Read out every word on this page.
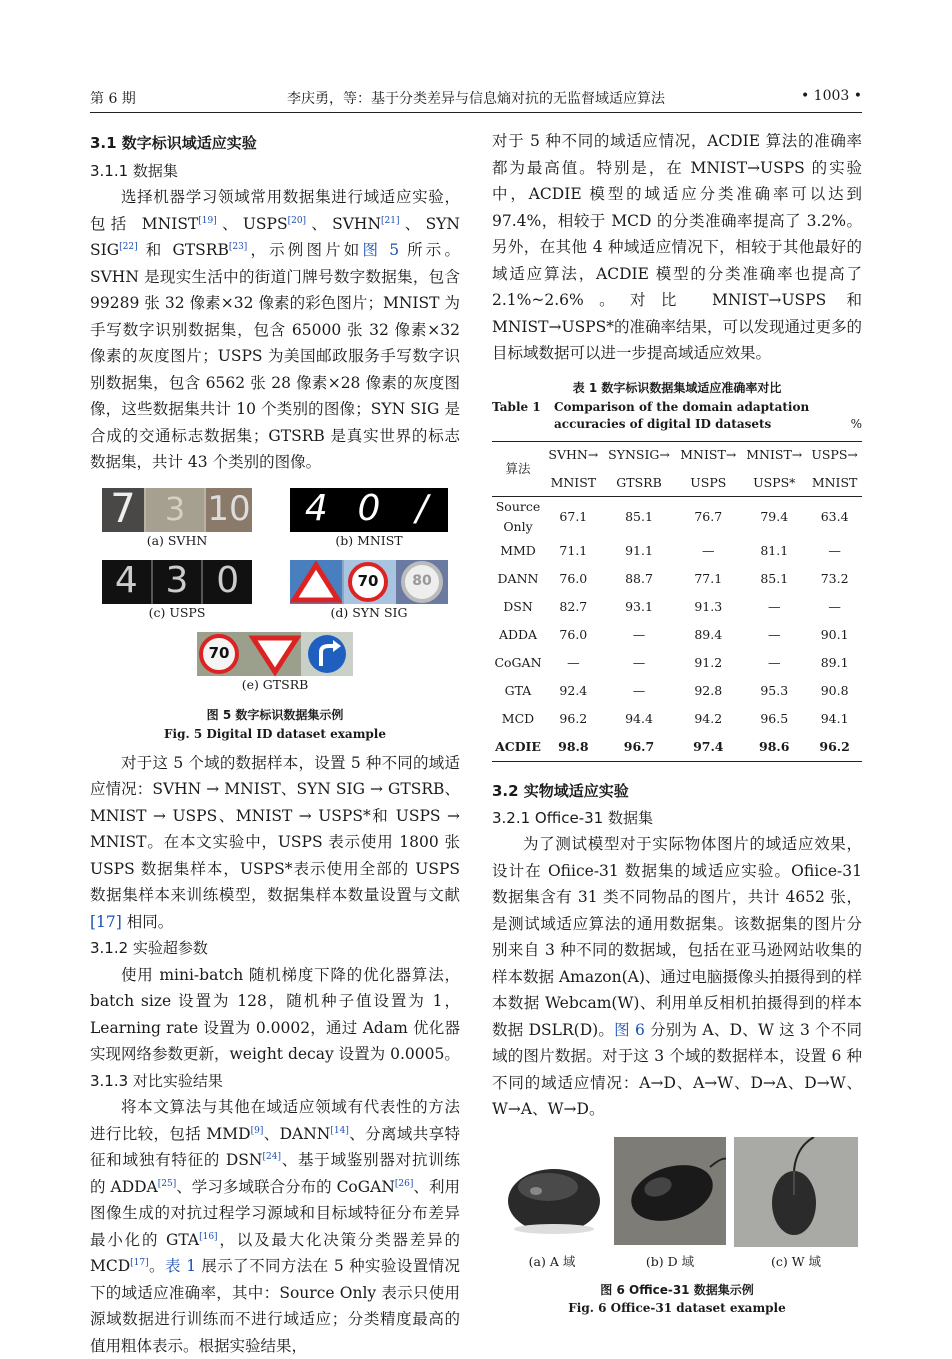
第 6 期	李庆勇，等：基于分类差异与信息熵对抗的无监督域适应算法	• 1003 •
3.1 数字标识域适应实验
3.1.1 数据集

选择机器学习领域常用数据集进行域适应实验，包括 MNIST[19]、USPS[20]、SVHN[21]、SYN SIG[22] 和 GTSRB[23]，示例图片如图 5 所示。SVHN 是现实生活中的街道门牌号数字数据集，包含 99289 张 32 像素×32 像素的彩色图片；MNIST 为手写数字识别数据集，包含 65000 张 32 像素×32 像素的灰度图片；USPS 为美国邮政服务手写数字识别数据集，包含 6562 张 28 像素×28 像素的灰度图像，这些数据集共计 10 个类别的图像；SYN SIG 是合成的交通标志数据集；GTSRB 是真实世界的标志数据集，共计 43 个类别的图像。

7 3 10
(a) SVHN
4 0 /
(b) MNIST
4 3 0
(c) USPS
70	80
(d) SYN SIG
70
(e) GTSRB
图 5 数字标识数据集示例
Fig. 5 Digital ID dataset example

对于这 5 个域的数据样本，设置 5 种不同的域适应情况：SVHN → MNIST、SYN SIG → GTSRB、MNIST → USPS、MNIST → USPS*和 USPS → MNIST。在本文实验中，USPS 表示使用 1800 张 USPS 数据集样本，USPS*表示使用全部的 USPS 数据集样本来训练模型，数据集样本数量设置与文献 [17] 相同。

3.1.2 实验超参数

使用 mini-batch 随机梯度下降的优化器算法，batch size 设置为 128，随机种子值设置为 1，Learning rate 设置为 0.0002，通过 Adam 优化器实现网络参数更新，weight decay 设置为 0.0005。

3.1.3 对比实验结果

将本文算法与其他在域适应领域有代表性的方法进行比较，包括 MMD[9]、DANN[14]、分离域共享特征和域独有特征的 DSN[24]、基于域鉴别器对抗训练的 ADDA[25]、学习多域联合分布的 CoGAN[26]、利用图像生成的对抗过程学习源域和目标域特征分布差异最小化的 GTA[16]，以及最大化决策分类器差异的 MCD[17]。表 1 展示了不同方法在 5 种实验设置情况下的域适应准确率，其中：Source Only 表示只使用源域数据进行训练而不进行域适应；分类精度最高的值用粗体表示。根据实验结果，

对于 5 种不同的域适应情况，ACDIE 算法的准确率都为最高值。特别是，在 MNIST→USPS 的实验中，ACDIE 模型的域适应分类准确率可以达到 97.4%，相较于 MCD 的分类准确率提高了 3.2%。另外，在其他 4 种域适应情况下，相较于其他最好的域适应算法，ACDIE 模型的分类准确率也提高了 2.1%~2.6%。对比 MNIST→USPS 和 MNIST→USPS*的准确率结果，可以发现通过更多的目标域数据可以进一步提高域适应效果。

表 1 数字标识数据集域适应准确率对比
Table 1	Comparison of the domain adaptation accuracies of digital ID datasets	%
算法	SVHN→	SYNSIG→	MNIST→	MNIST→	USPS→
	MNIST	GTSRB	USPS	USPS*	MNIST
Source Only	67.1	85.1	76.7	79.4	63.4
MMD	71.1	91.1	—	81.1	—
DANN	76.0	88.7	77.1	85.1	73.2
DSN	82.7	93.1	91.3	—	—
ADDA	76.0	—	89.4	—	90.1
CoGAN	—	—	91.2	—	89.1
GTA	92.4	—	92.8	95.3	90.8
MCD	96.2	94.4	94.2	96.5	94.1
ACDIE	98.8	96.7	97.4	98.6	96.2
3.2 实物域适应实验
3.2.1 Office-31 数据集

为了测试模型对于实际物体图片的域适应效果，设计在 Ofiice-31 数据集的域适应实验。Ofiice-31 数据集含有 31 类不同物品的图片，共计 4652 张，是测试域适应算法的通用数据集。该数据集的图片分别来自 3 种不同的数据域，包括在亚马逊网站收集的样本数据 Amazon(A)、通过电脑摄像头拍摄得到的样本数据 Webcam(W)、利用单反相机拍摄得到的样本数据 DSLR(D)。图 6 分别为 A、D、W 这 3 个不同域的图片数据。对于这 3 个域的数据样本，设置 6 种不同的域适应情况：A→D、A→W、D→A、D→W、W→A、W→D。

(a) A 域	(b) D 域	(c) W 域
图 6 Office-31 数据集示例
Fig. 6 Office-31 dataset example
